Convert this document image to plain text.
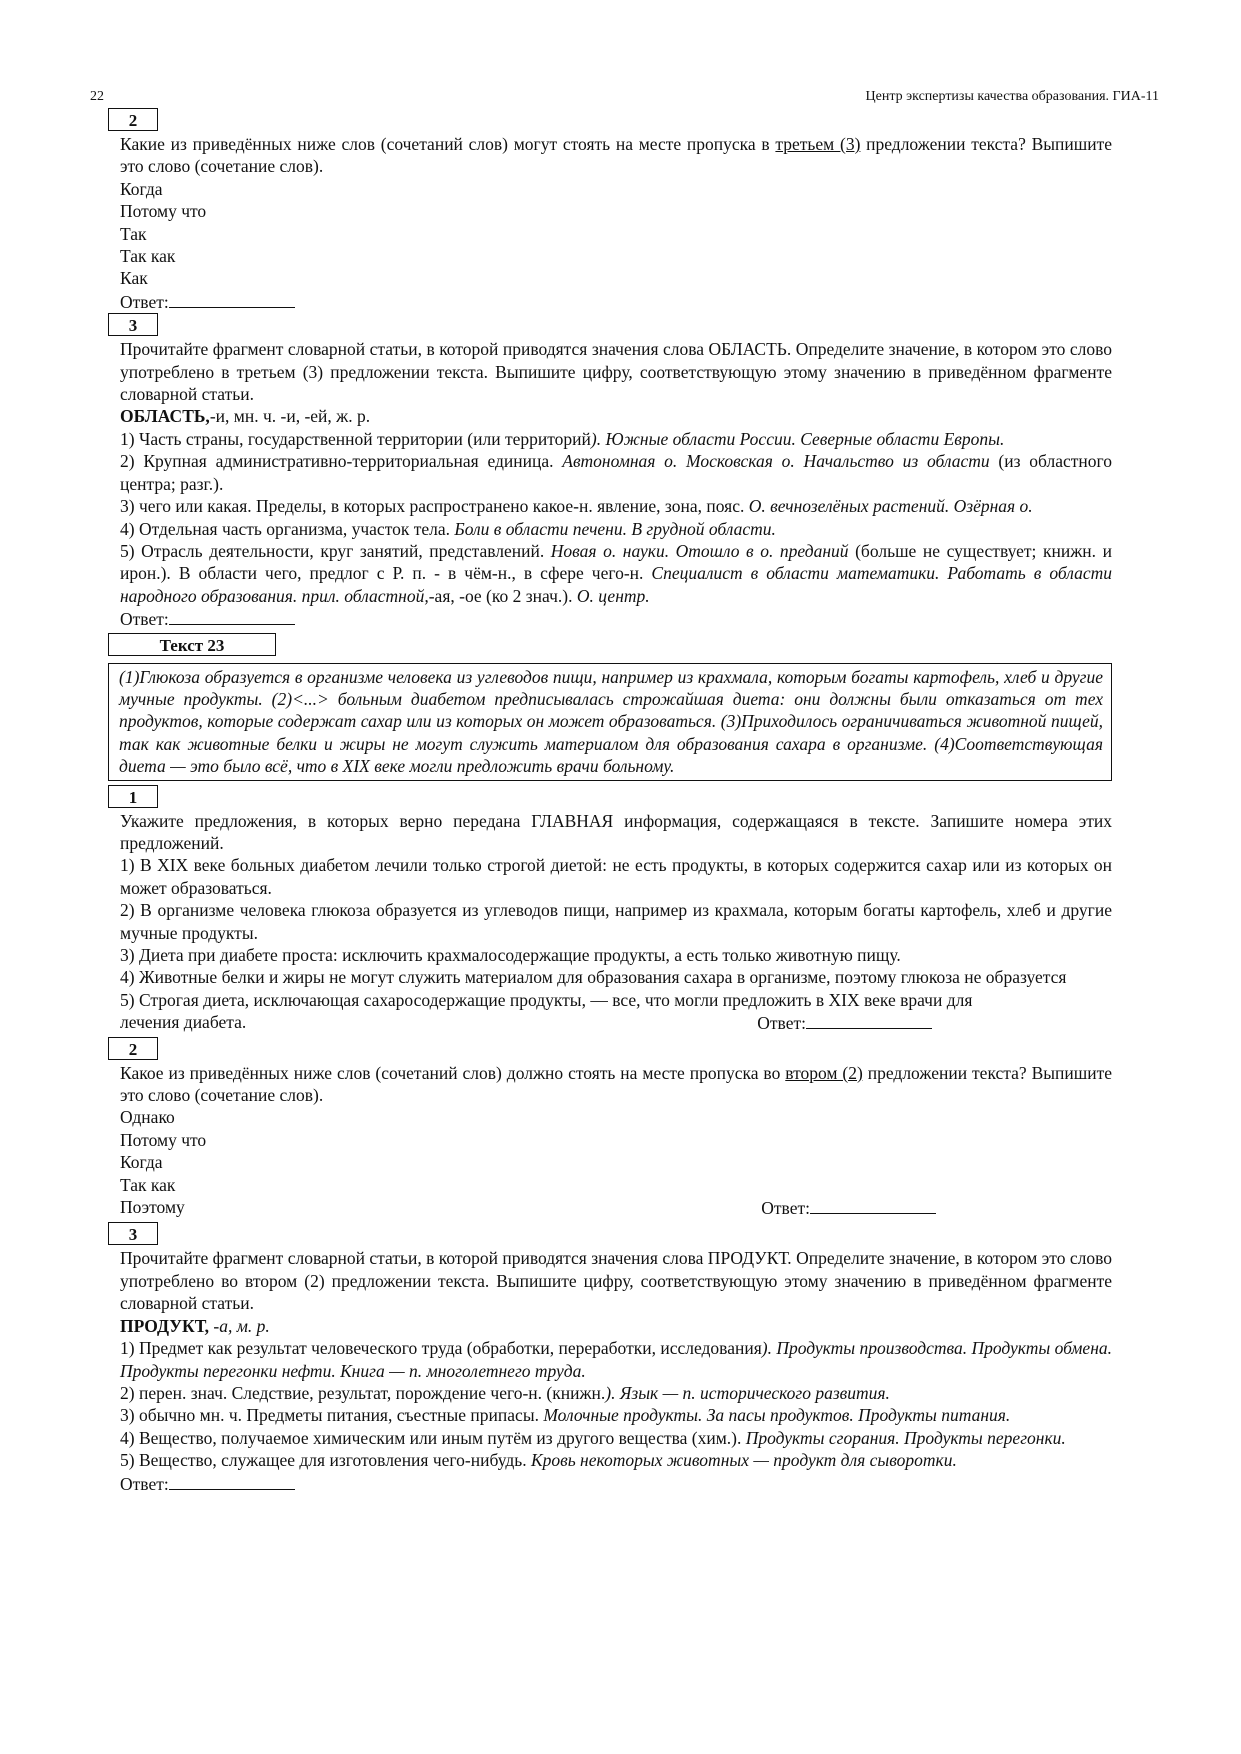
22	Центр экспертизы качества образования. ГИА-11
2
Какие из приведённых ниже слов (сочетаний слов) могут стоять на месте пропуска в третьем (3) предложении текста? Выпишите это слово (сочетание слов).
Когда
Потому что
Так
Так как
Как
Ответ:
3
Прочитайте фрагмент словарной статьи, в которой приводятся значения слова ОБЛАСТЬ. Определите значение, в котором это слово употреблено в третьем (3) предложении текста. Выпишите цифру, соответствующую этому значению в приведённом фрагменте словарной статьи.
ОБЛАСТЬ,-и, мн. ч. -и, -ей, ж. р.
1) Часть страны, государственной территории (или территорий). Южные области России. Северные области Европы.
2) Крупная административно-территориальная единица. Автономная о. Московская о. Начальство из области (из областного центра; разг.).
3) чего или какая. Пределы, в которых распространено какое-н. явление, зона, пояс. О. вечнозелёных растений. Озёрная о.
4) Отдельная часть организма, участок тела. Боли в области печени. В грудной области.
5) Отрасль деятельности, круг занятий, представлений. Новая о. науки. Отошло в о. преданий (больше не существует; книжн. и ирон.). В области чего, предлог с Р. п. - в чём-н., в сфере чего-н. Специалист в области математики. Работать в области народного образования. прил. областной,-ая, -ое (ко 2 знач.). О. центр.
Ответ:
Текст 23
(1)Глюкоза образуется в организме человека из углеводов пищи, например из крахмала, которым богаты картофель, хлеб и другие мучные продукты. (2)<...> больным диабетом предписывалась строжайшая диета: они должны были отказаться от тех продуктов, которые содержат сахар или из которых он может образоваться. (3)Приходилось ограничиваться животной пищей, так как животные белки и жиры не могут служить материалом для образования сахара в организме. (4)Соответствующая диета — это было всё, что в XIX веке могли предложить врачи больному.
1
Укажите предложения, в которых верно передана ГЛАВНАЯ информация, содержащаяся в тексте. Запишите номера этих предложений.
1) В XIX веке больных диабетом лечили только строгой диетой: не есть продукты, в которых содержится сахар или из которых он может образоваться.
2) В организме человека глюкоза образуется из углеводов пищи, например из крахмала, которым богаты картофель, хлеб и другие мучные продукты.
3) Диета при диабете проста: исключить крахмалосодержащие продукты, а есть только животную пищу.
4) Животные белки и жиры не могут служить материалом для образования сахара в организме, поэтому глюкоза не образуется
5) Строгая диета, исключающая сахаросодержащие продукты, — все, что могли предложить в XIX веке врачи для
лечения диабета.	Ответ:
2
Какое из приведённых ниже слов (сочетаний слов) должно стоять на месте пропуска во втором (2) предложении текста? Выпишите это слово (сочетание слов).
Однако
Потому что
Когда
Так как
Поэтому	Ответ:
3
Прочитайте фрагмент словарной статьи, в которой приводятся значения слова ПРОДУКТ. Определите значение, в котором это слово употреблено во втором (2) предложении текста. Выпишите цифру, соответствующую этому значению в приведённом фрагменте словарной статьи.
ПРОДУКТ, -а, м. р.
1) Предмет как результат человеческого труда (обработки, переработки, исследования). Продукты производства. Продукты обмена. Продукты перегонки нефти. Книга — п. многолетнего труда.
2) перен. знач. Следствие, результат, порождение чего-н. (книжн.). Язык — п. исторического развития.
3) обычно мн. ч. Предметы питания, съестные припасы. Молочные продукты. За пасы продуктов. Продукты питания.
4) Вещество, получаемое химическим или иным путём из другого вещества (хим.). Продукты сгорания. Продукты перегонки.
5) Вещество, служащее для изготовления чего-нибудь. Кровь некоторых животных — продукт для сыворотки.
Ответ:
